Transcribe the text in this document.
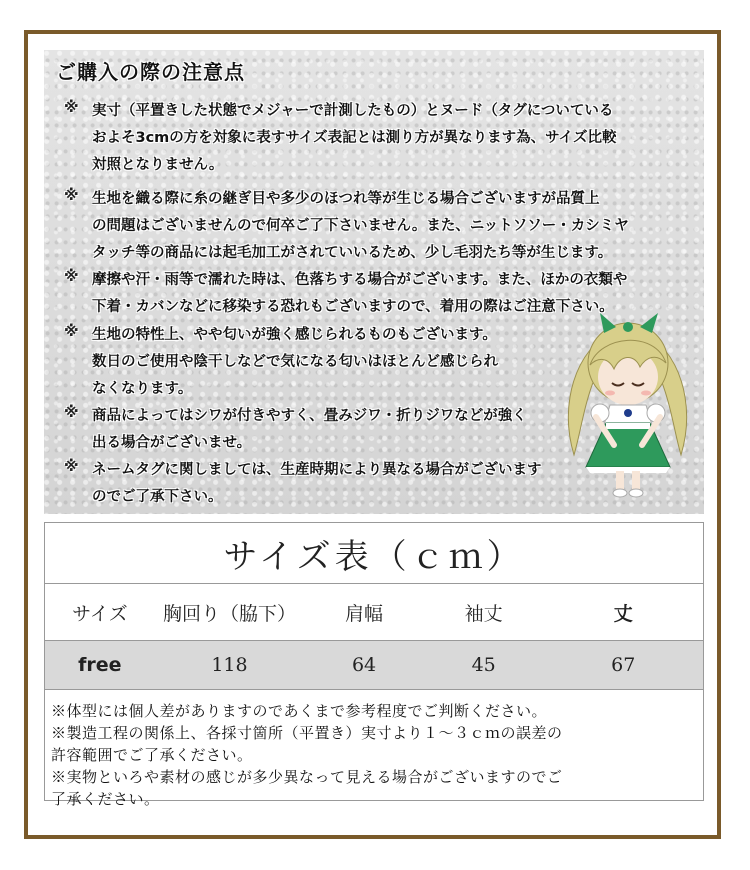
ご購入の際の注意点
※
※
※
※
※
※
実寸（平置きした状態でメジャーで計測したもの）とヌード（タグについている
およそ3cmの方を対象に表すサイズ表記とは測り方が異なります為、サイズ比較
対照となりません。
生地を織る際に糸の継ぎ目や多少のほつれ等が生じる場合ございますが品質上
の問題はございませんので何卒ご了下さいません。また、ニットソソー・カシミヤ
タッチ等の商品には起毛加工がされていいるため、少し毛羽たち等が生じます。
摩擦や汗・雨等で濡れた時は、色落ちする場合がございます。また、ほかの衣類や
下着・カバンなどに移染する恐れもございますので、着用の際はご注意下さい。
生地の特性上、やや匂いが強く感じられるものもございます。
数日のご使用や陰干しなどで気になる匂いはほとんど感じられ
なくなります。
商品によってはシワが付きやすく、畳みジワ・折りジワなどが強く
出る場合がございませ。
ネームタグに関しましては、生産時期により異なる場合がございます
のでご了承下さい。
サイズ表（ｃｍ）
サイズ	胸回り（脇下）	肩幅	袖丈	丈
free	118	64	45	67
※体型には個人差がありますのであくまで参考程度でご判断ください。
※製造工程の関係上、各採寸箇所（平置き）実寸より１～３ｃｍの誤差の
許容範囲でご了承ください。
※実物といろや素材の感じが多少異なって見える場合がございますのでご
了承ください。
